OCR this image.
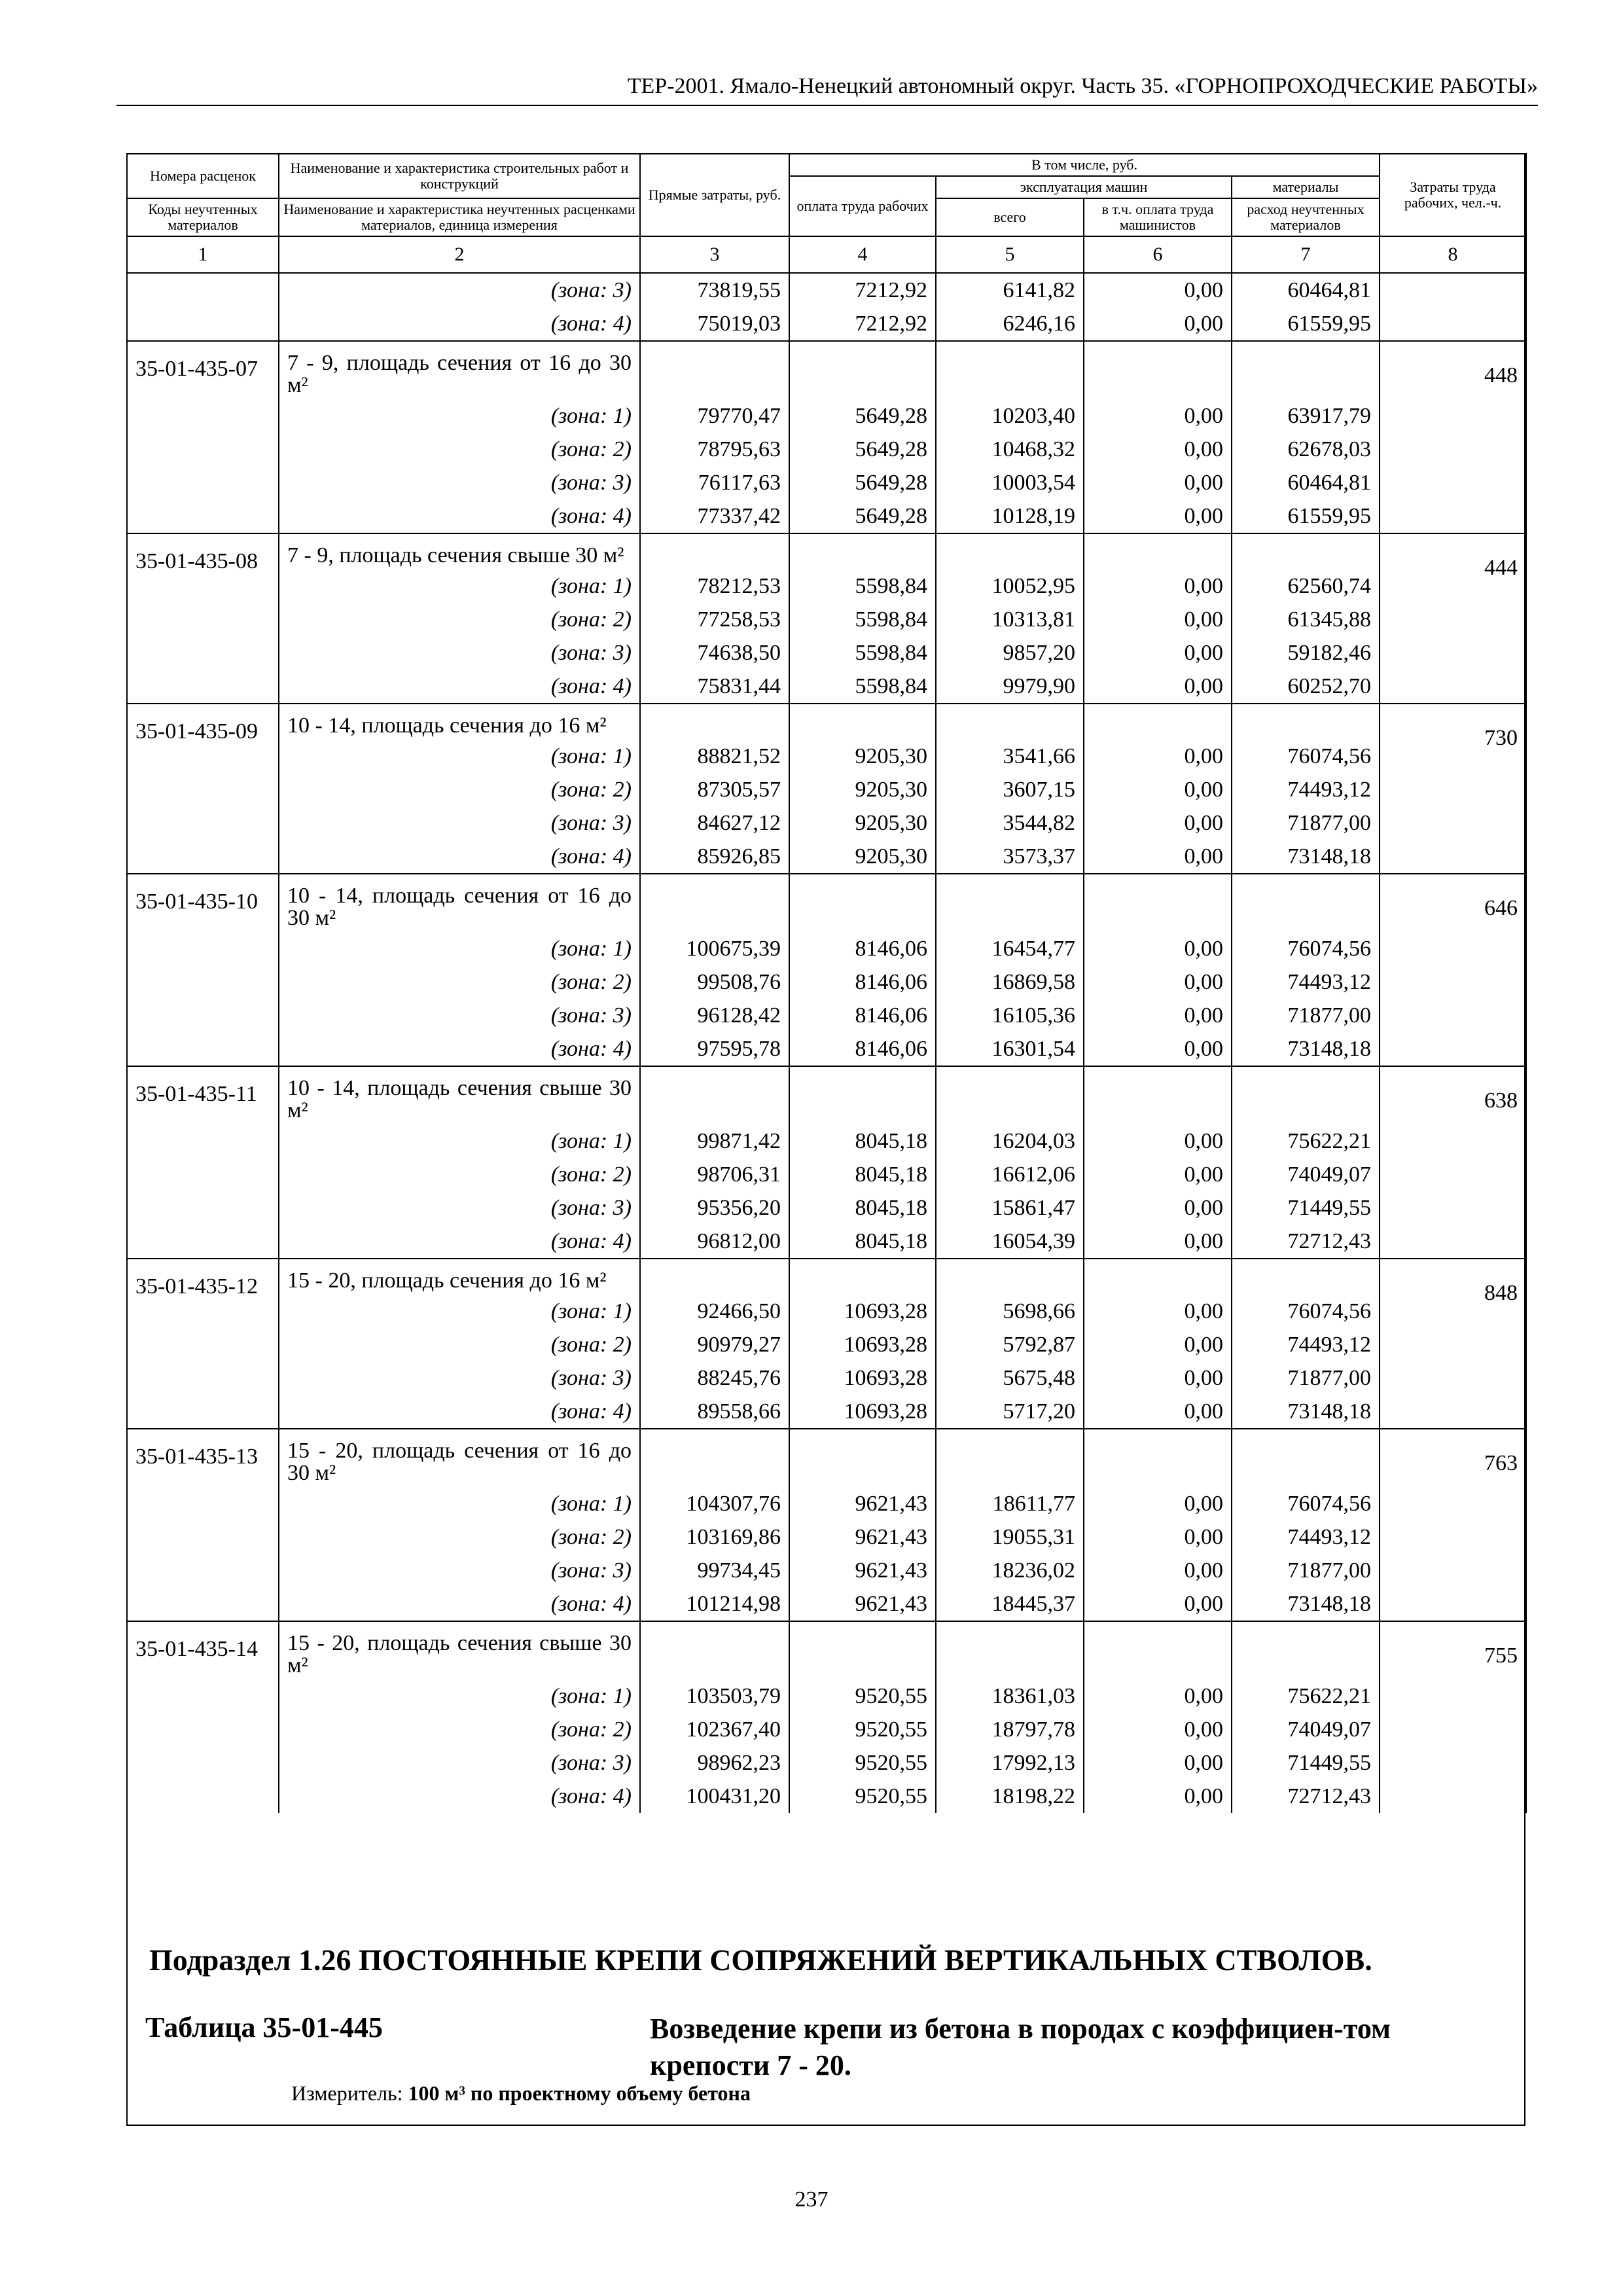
ТЕР-2001. Ямало-Ненецкий автономный округ. Часть 35. «ГОРНОПРОХОДЧЕСКИЕ РАБОТЫ»
Номера расценок	Наименование и характеристика строительных работ и конструкций	Прямые затраты, руб.	В том числе, руб.				Затраты труда рабочих, чел.-ч.
			оплата труда рабочих	эксплуатация машин		материалы	
Коды неучтенных материалов	Наименование и характеристика неучтенных расценками материалов, единица измерения			всего	в т.ч. оплата труда машинистов	расход неучтенных материалов	
1	2	3	4	5	6	7	8
	(зона: 3)	73819,55	7212,92	6141,82	0,00	60464,81	
	(зона: 4)	75019,03	7212,92	6246,16	0,00	61559,95	
35-01-435-07	7 - 9, площадь сечения от 16 до 30 м²						448
	(зона: 1)	79770,47	5649,28	10203,40	0,00	63917,79	
	(зона: 2)	78795,63	5649,28	10468,32	0,00	62678,03	
	(зона: 3)	76117,63	5649,28	10003,54	0,00	60464,81	
	(зона: 4)	77337,42	5649,28	10128,19	0,00	61559,95	
35-01-435-08	7 - 9, площадь сечения свыше 30 м²						444
	(зона: 1)	78212,53	5598,84	10052,95	0,00	62560,74	
	(зона: 2)	77258,53	5598,84	10313,81	0,00	61345,88	
	(зона: 3)	74638,50	5598,84	9857,20	0,00	59182,46	
	(зона: 4)	75831,44	5598,84	9979,90	0,00	60252,70	
35-01-435-09	10 - 14, площадь сечения до 16 м²						730
	(зона: 1)	88821,52	9205,30	3541,66	0,00	76074,56	
	(зона: 2)	87305,57	9205,30	3607,15	0,00	74493,12	
	(зона: 3)	84627,12	9205,30	3544,82	0,00	71877,00	
	(зона: 4)	85926,85	9205,30	3573,37	0,00	73148,18	
35-01-435-10	10 - 14, площадь сечения от 16 до 30 м²						646
	(зона: 1)	100675,39	8146,06	16454,77	0,00	76074,56	
	(зона: 2)	99508,76	8146,06	16869,58	0,00	74493,12	
	(зона: 3)	96128,42	8146,06	16105,36	0,00	71877,00	
	(зона: 4)	97595,78	8146,06	16301,54	0,00	73148,18	
35-01-435-11	10 - 14, площадь сечения свыше 30 м²						638
	(зона: 1)	99871,42	8045,18	16204,03	0,00	75622,21	
	(зона: 2)	98706,31	8045,18	16612,06	0,00	74049,07	
	(зона: 3)	95356,20	8045,18	15861,47	0,00	71449,55	
	(зона: 4)	96812,00	8045,18	16054,39	0,00	72712,43	
35-01-435-12	15 - 20, площадь сечения до 16 м²						848
	(зона: 1)	92466,50	10693,28	5698,66	0,00	76074,56	
	(зона: 2)	90979,27	10693,28	5792,87	0,00	74493,12	
	(зона: 3)	88245,76	10693,28	5675,48	0,00	71877,00	
	(зона: 4)	89558,66	10693,28	5717,20	0,00	73148,18	
35-01-435-13	15 - 20, площадь сечения от 16 до 30 м²						763
	(зона: 1)	104307,76	9621,43	18611,77	0,00	76074,56	
	(зона: 2)	103169,86	9621,43	19055,31	0,00	74493,12	
	(зона: 3)	99734,45	9621,43	18236,02	0,00	71877,00	
	(зона: 4)	101214,98	9621,43	18445,37	0,00	73148,18	
35-01-435-14	15 - 20, площадь сечения свыше 30 м²						755
	(зона: 1)	103503,79	9520,55	18361,03	0,00	75622,21	
	(зона: 2)	102367,40	9520,55	18797,78	0,00	74049,07	
	(зона: 3)	98962,23	9520,55	17992,13	0,00	71449,55	
	(зона: 4)	100431,20	9520,55	18198,22	0,00	72712,43	
Подраздел 1.26 ПОСТОЯННЫЕ КРЕПИ СОПРЯЖЕНИЙ ВЕРТИКАЛЬНЫХ СТВОЛОВ.
Таблица 35-01-445	Возведение крепи из бетона в породах с коэффициен-том крепости 7 - 20.
Измеритель: 100 м³ по проектному объему бетона
237
